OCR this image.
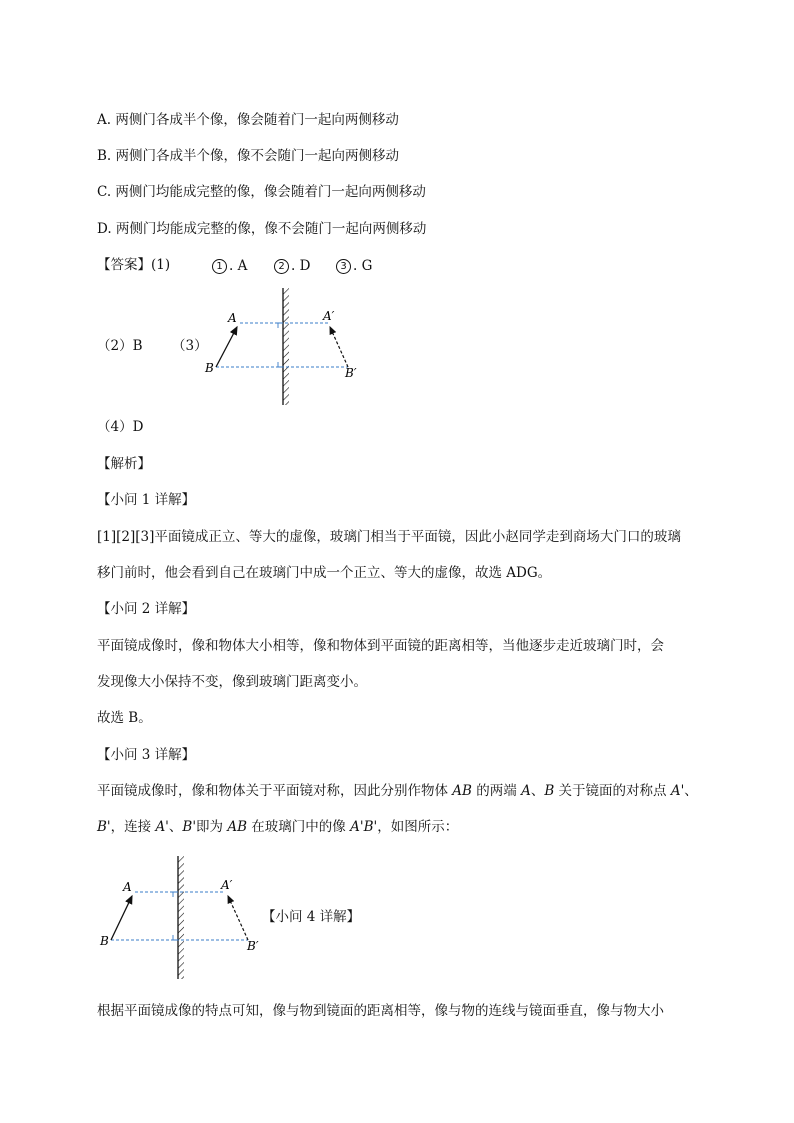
A. 两侧门各成半个像，像会随着门一起向两侧移动
B. 两侧门各成半个像，像不会随门一起向两侧移动
C. 两侧门均能成完整的像，像会随着门一起向两侧移动
D. 两侧门均能成完整的像，像不会随门一起向两侧移动
【答案】(1)	1 . A	2 . D	3 . G
（2）B （3）
A
B
A′
B′
（4）D
【解析】
【小问 1 详解】
[1][2][3]平面镜成正立、等大的虚像，玻璃门相当于平面镜，因此小赵同学走到商场大门口的玻璃
移门前时，他会看到自己在玻璃门中成一个正立、等大的虚像，故选 ADG。
【小问 2 详解】
平面镜成像时，像和物体大小相等，像和物体到平面镜的距离相等，当他逐步走近玻璃门时，会
发现像大小保持不变，像到玻璃门距离变小。
故选 B。
【小问 3 详解】
平面镜成像时，像和物体关于平面镜对称，因此分别作物体 AB 的两端 A、B 关于镜面的对称点 A'、
B'，连接 A'、B'即为 AB 在玻璃门中的像 A'B'，如图所示：
A
B
A′
B′
【小问 4 详解】
根据平面镜成像的特点可知，像与物到镜面的距离相等，像与物的连线与镜面垂直，像与物大小
